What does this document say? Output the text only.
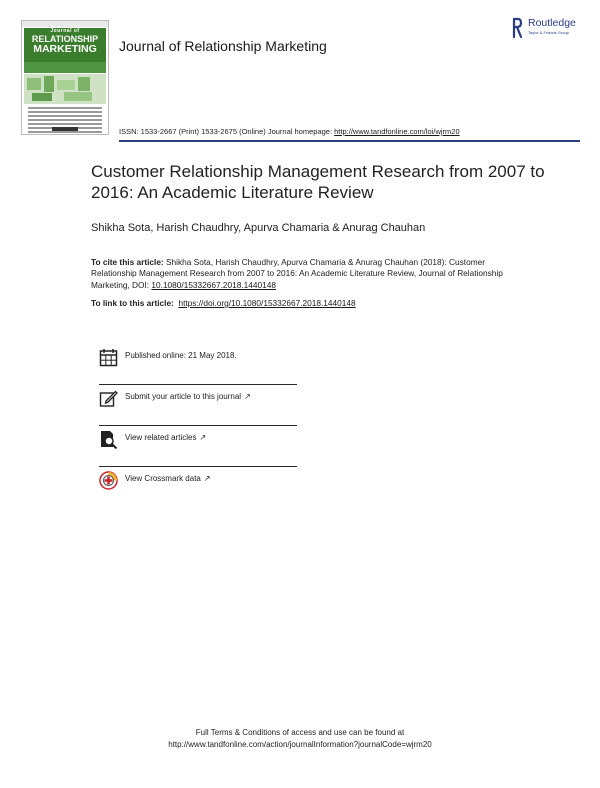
Journal of
RELATIONSHIP
MARKETING	Journal of Relationship Marketing
Routledge
Taylor & Francis Group
ISSN: 1533-2667 (Print) 1533-2675 (Online) Journal homepage: http://www.tandfonline.com/loi/wjrm20
Customer Relationship Management Research from 2007 to 2016: An Academic Literature Review
Shikha Sota, Harish Chaudhry, Apurva Chamaria & Anurag Chauhan
To cite this article: Shikha Sota, Harish Chaudhry, Apurva Chamaria & Anurag Chauhan (2018): Customer Relationship Management Research from 2007 to 2016: An Academic Literature Review, Journal of Relationship Marketing, DOI: 10.1080/15332667.2018.1440148
To link to this article: https://doi.org/10.1080/15332667.2018.1440148
Published online: 21 May 2018.
Submit your article to this journal ↗
View related articles ↗
View Crossmark data ↗
Full Terms & Conditions of access and use can be found at
http://www.tandfonline.com/action/journalInformation?journalCode=wjrm20
